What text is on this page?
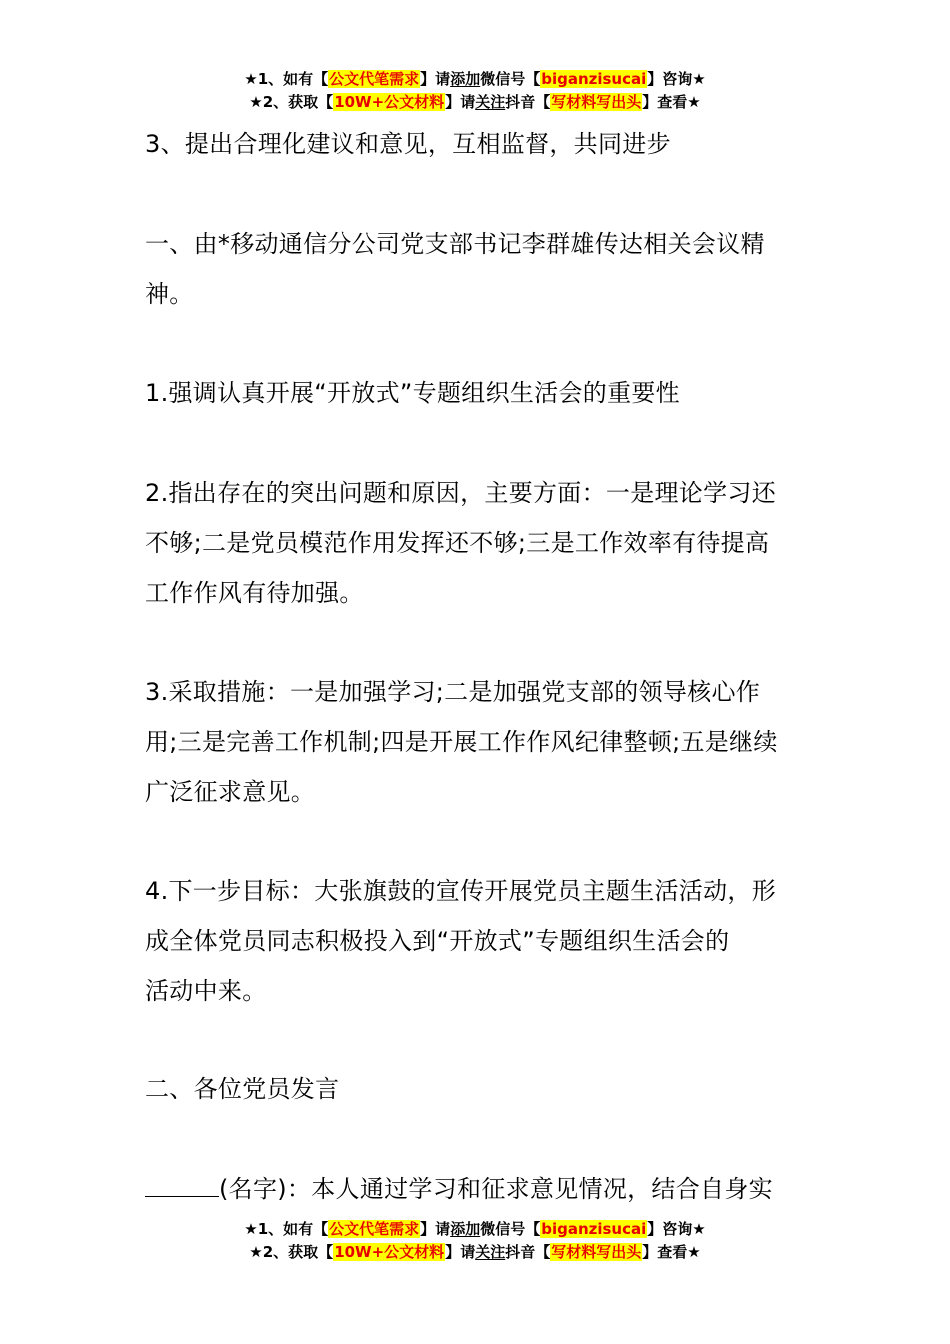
★1、如有【公文代笔需求】请添加微信号【biganzisucai】咨询★
★2、获取【10W+公文材料】请关注抖音【写材料写出头】查看★
3、提出合理化建议和意见，互相监督，共同进步
一、由*移动通信分公司党支部书记李群雄传达相关会议精
神。
1.强调认真开展“开放式”专题组织生活会的重要性
2.指出存在的突出问题和原因，主要方面：一是理论学习还
不够;二是党员模范作用发挥还不够;三是工作效率有待提高
工作作风有待加强。
3.采取措施：一是加强学习;二是加强党支部的领导核心作
用;三是完善工作机制;四是开展工作作风纪律整顿;五是继续
广泛征求意见。
4.下一步目标：大张旗鼓的宣传开展党员主题生活活动，形
成全体党员同志积极投入到“开放式”专题组织生活会的
活动中来。
二、各位党员发言
(名字)：本人通过学习和征求意见情况，结合自身实
★1、如有【公文代笔需求】请添加微信号【biganzisucai】咨询★
★2、获取【10W+公文材料】请关注抖音【写材料写出头】查看★
